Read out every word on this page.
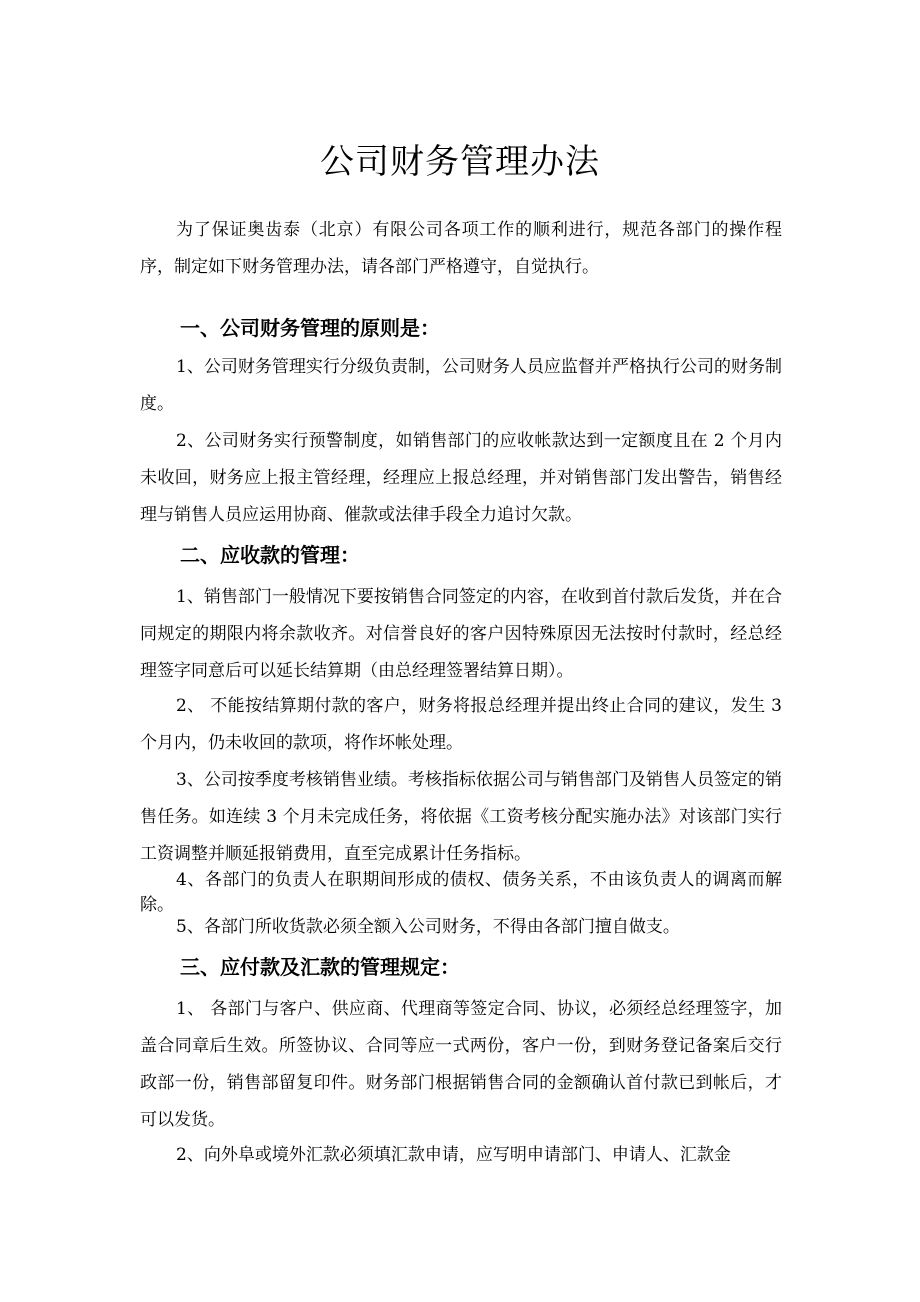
公司财务管理办法

为了保证奥齿泰（北京）有限公司各项工作的顺利进行，规范各部门的操作程序，制定如下财务管理办法，请各部门严格遵守，自觉执行。

一、公司财务管理的原则是：

1、公司财务管理实行分级负责制，公司财务人员应监督并严格执行公司的财务制度。

2、公司财务实行预警制度，如销售部门的应收帐款达到一定额度且在 2 个月内未收回，财务应上报主管经理，经理应上报总经理，并对销售部门发出警告，销售经理与销售人员应运用协商、催款或法律手段全力追讨欠款。

二、应收款的管理：

1、销售部门一般情况下要按销售合同签定的内容，在收到首付款后发货，并在合同规定的期限内将余款收齐。对信誉良好的客户因特殊原因无法按时付款时，经总经理签字同意后可以延长结算期（由总经理签署结算日期）。

2、 不能按结算期付款的客户，财务将报总经理并提出终止合同的建议，发生 3 个月内，仍未收回的款项，将作坏帐处理。

3、公司按季度考核销售业绩。考核指标依据公司与销售部门及销售人员签定的销售任务。如连续 3 个月未完成任务，将依据《工资考核分配实施办法》对该部门实行工资调整并顺延报销费用，直至完成累计任务指标。

4、各部门的负责人在职期间形成的债权、债务关系，不由该负责人的调离而解除。

5、各部门所收货款必须全额入公司财务，不得由各部门擅自做支。

三、应付款及汇款的管理规定：

1、 各部门与客户、供应商、代理商等签定合同、协议，必须经总经理签字，加盖合同章后生效。所签协议、合同等应一式两份，客户一份，到财务登记备案后交行政部一份，销售部留复印件。财务部门根据销售合同的金额确认首付款已到帐后，才可以发货。

2、向外阜或境外汇款必须填汇款申请，应写明申请部门、申请人、汇款金
